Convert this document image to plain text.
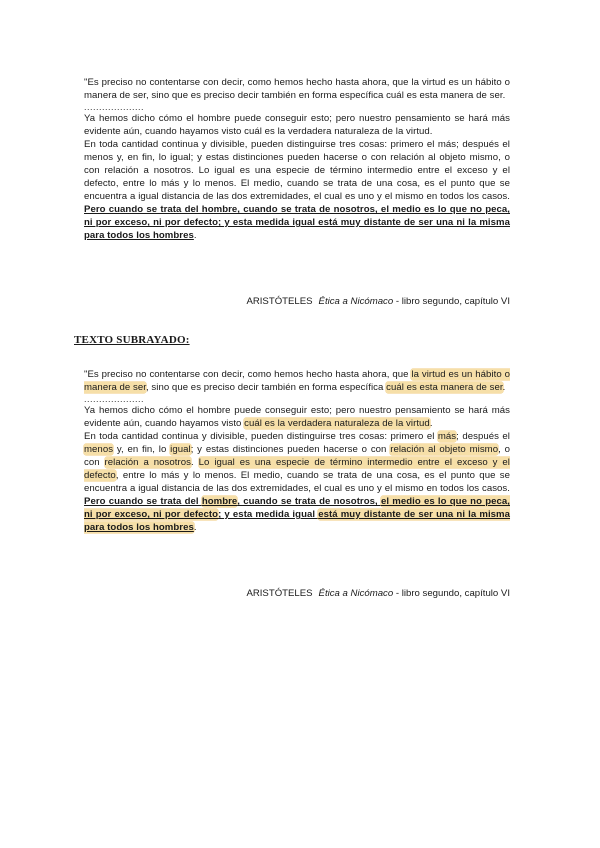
"Es preciso no contentarse con decir, como hemos hecho hasta ahora, que la virtud es un hábito o manera de ser, sino que es preciso decir también en forma específica cuál es esta manera de ser.

....................

Ya hemos dicho cómo el hombre puede conseguir esto; pero nuestro pensamiento se hará más evidente aún, cuando hayamos visto cuál es la verdadera naturaleza de la virtud.

En toda cantidad continua y divisible, pueden distinguirse tres cosas: primero el más; después el menos y, en fin, lo igual; y estas distinciones pueden hacerse o con relación al objeto mismo, o con relación a nosotros. Lo igual es una especie de término intermedio entre el exceso y el defecto, entre lo más y lo menos. El medio, cuando se trata de una cosa, es el punto que se encuentra a igual distancia de las dos extremidades, el cual es uno y el mismo en todos los casos. Pero cuando se trata del hombre, cuando se trata de nosotros, el medio es lo que no peca, ni por exceso, ni por defecto; y esta medida igual está muy distante de ser una ni la misma para todos los hombres.

ARISTÓTELES Ética a Nicómaco - libro segundo, capítulo VI
TEXTO SUBRAYADO:

"Es preciso no contentarse con decir, como hemos hecho hasta ahora, que la virtud es un hábito o manera de ser, sino que es preciso decir también en forma específica cuál es esta manera de ser.

....................

Ya hemos dicho cómo el hombre puede conseguir esto; pero nuestro pensamiento se hará más evidente aún, cuando hayamos visto cuál es la verdadera naturaleza de la virtud.

En toda cantidad continua y divisible, pueden distinguirse tres cosas: primero el más; después el menos y, en fin, lo igual; y estas distinciones pueden hacerse o con relación al objeto mismo, o con relación a nosotros. Lo igual es una especie de término intermedio entre el exceso y el defecto, entre lo más y lo menos. El medio, cuando se trata de una cosa, es el punto que se encuentra a igual distancia de las dos extremidades, el cual es uno y el mismo en todos los casos. Pero cuando se trata del hombre, cuando se trata de nosotros, el medio es lo que no peca, ni por exceso, ni por defecto; y esta medida igual está muy distante de ser una ni la misma para todos los hombres.

ARISTÓTELES Ética a Nicómaco - libro segundo, capítulo VI
